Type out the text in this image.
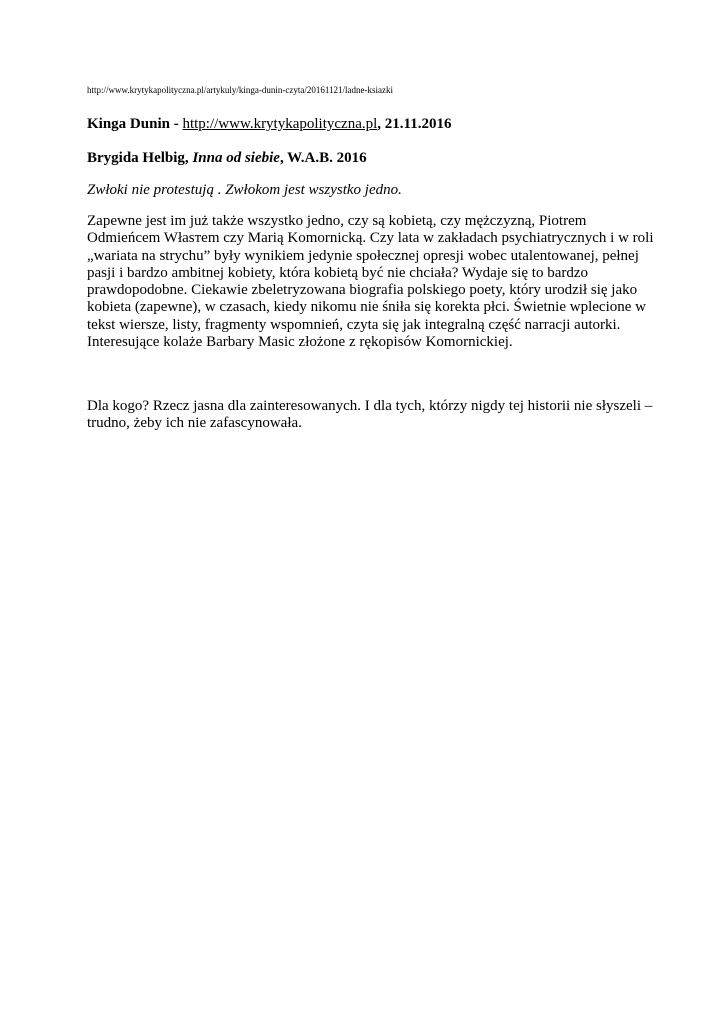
http://www.krytykapolityczna.pl/artykuly/kinga-dunin-czyta/20161121/ladne-ksiazki
Kinga Dunin - http://www.krytykapolityczna.pl, 21.11.2016
Brygida Helbig, Inna od siebie, W.A.B. 2016
Zwłoki nie protestują . Zwłokom jest wszystko jedno.
Zapewne jest im już także wszystko jedno, czy są kobietą, czy mężczyzną, Piotrem
Odmieńcem Własтem czy Marią Komornicką. Czy lata w zakładach psychiatrycznych i w roli
„wariata na strychu” były wynikiem jedynie społecznej opresji wobec utalentowanej, pełnej
pasji i bardzo ambitnej kobiety, która kobietą być nie chciała? Wydaje się to bardzo
prawdopodobne. Ciekawie zbeletryzowana biografia polskiego poety, który urodził się jako
kobieta (zapewne), w czasach, kiedy nikomu nie śniła się korekta płci. Świetnie wplecione w
tekst wiersze, listy, fragmenty wspomnień, czyta się jak integralną część narracji autorki.
Interesujące kolaże Barbary Masic złożone z rękopisów Komornickiej.
Dla kogo? Rzecz jasna dla zainteresowanych. I dla tych, którzy nigdy tej historii nie słyszeli –
trudno, żeby ich nie zafascynowała.
